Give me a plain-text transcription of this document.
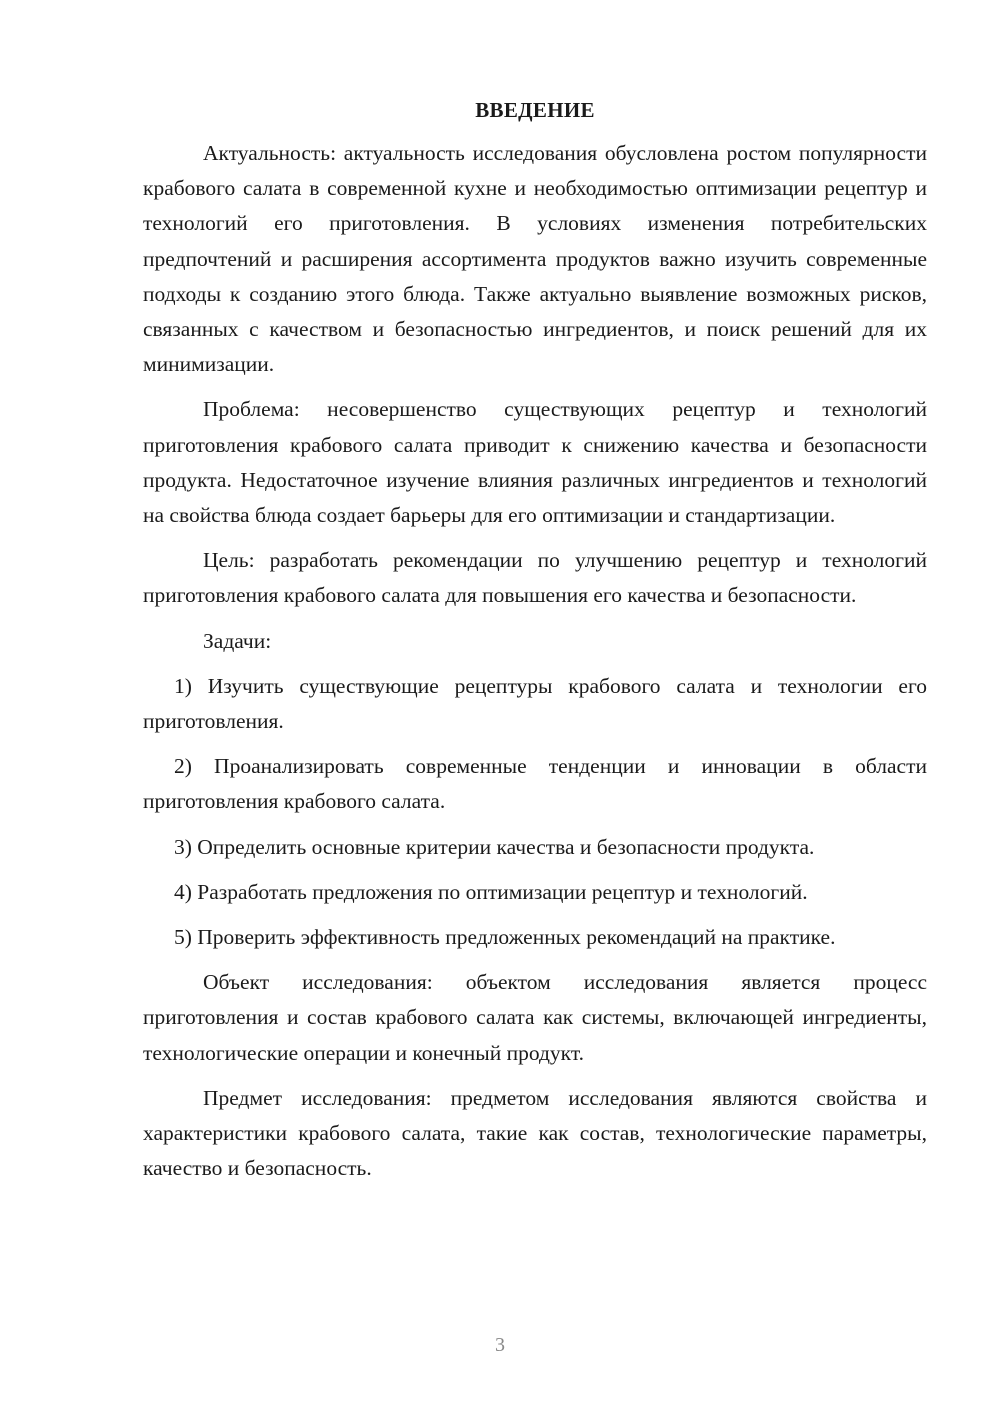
ВВЕДЕНИЕ

Актуальность: актуальность исследования обусловлена ростом популярности крабового салата в современной кухне и необходимостью оптимизации рецептур и технологий его приготовления. В условиях изменения потребительских предпочтений и расширения ассортимента продуктов важно изучить современные подходы к созданию этого блюда. Также актуально выявление возможных рисков, связанных с качеством и безопасностью ингредиентов, и поиск решений для их минимизации.

Проблема: несовершенство существующих рецептур и технологий приготовления крабового салата приводит к снижению качества и безопасности продукта. Недостаточное изучение влияния различных ингредиентов и технологий на свойства блюда создает барьеры для его оптимизации и стандартизации.

Цель: разработать рекомендации по улучшению рецептур и технологий приготовления крабового салата для повышения его качества и безопасности.

Задачи:

1) Изучить существующие рецептуры крабового салата и технологии его приготовления.

2) Проанализировать современные тенденции и инновации в области приготовления крабового салата.

3) Определить основные критерии качества и безопасности продукта.

4) Разработать предложения по оптимизации рецептур и технологий.

5) Проверить эффективность предложенных рекомендаций на практике.

Объект исследования: объектом исследования является процесс приготовления и состав крабового салата как системы, включающей ингредиенты, технологические операции и конечный продукт.

Предмет исследования: предметом исследования являются свойства и характеристики крабового салата, такие как состав, технологические параметры, качество и безопасность.

3
